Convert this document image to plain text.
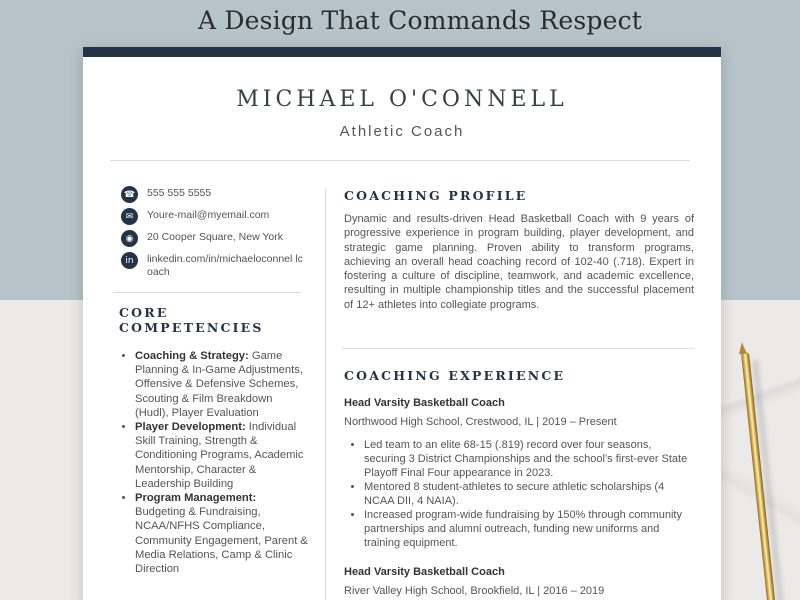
A Design That Commands Respect
MICHAEL O'CONNELL
Athletic Coach
☎ 555 555 5555
✉	Youre-mail@myemail.com
◉	20 Cooper Square, New York
in	linkedin.com/in/michaeloconnel lcoach
CORE COMPETENCIES
• Coaching & Strategy: Game Planning & In-Game Adjustments, Offensive & Defensive Schemes, Scouting & Film Breakdown (Hudl), Player Evaluation
• Player Development: Individual Skill Training, Strength & Conditioning Programs, Academic Mentorship, Character & Leadership Building
• Program Management: Budgeting & Fundraising, NCAA/NFHS Compliance, Community Engagement, Parent & Media Relations, Camp & Clinic Direction
COACHING PROFILE

Dynamic and results-driven Head Basketball Coach with 9 years of progressive experience in program building, player development, and strategic game planning. Proven ability to transform programs, achieving an overall head coaching record of 102-40 (.718). Expert in fostering a culture of discipline, teamwork, and academic excellence, resulting in multiple championship titles and the successful placement of 12+ athletes into collegiate programs.

COACHING EXPERIENCE
Head Varsity Basketball Coach
Northwood High School, Crestwood, IL | 2019 – Present
• Led team to an elite 68-15 (.819) record over four seasons, securing 3 District Championships and the school’s first-ever State Playoff Final Four appearance in 2023.
• Mentored 8 student-athletes to secure athletic scholarships (4 NCAA DII, 4 NAIA).
• Increased program-wide fundraising by 150% through community partnerships and alumni outreach, funding new uniforms and training equipment.
Head Varsity Basketball Coach
River Valley High School, Brookfield, IL | 2016 – 2019
